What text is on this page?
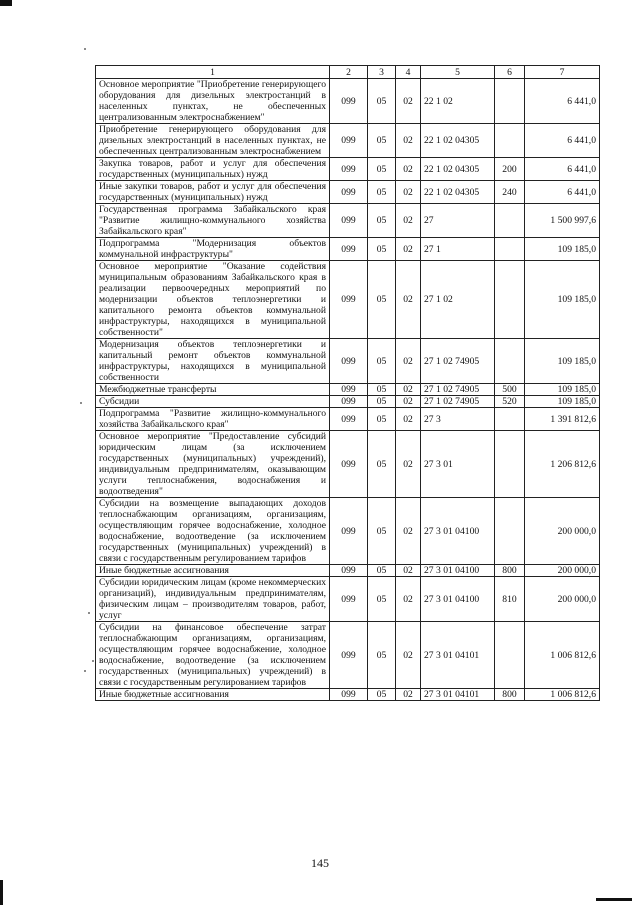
1	2	3	4	5	6	7
Основное мероприятие "Приобретение генерирующего оборудования для дизельных электростанций в населенных пунктах, не обеспеченных централизованным электроснабжением"	099	05	02	22 1 02		6 441,0
Приобретение генерирующего оборудования для дизельных электростанций в населенных пунктах, не обеспеченных централизованным электроснабжением	099	05	02	22 1 02 04305		6 441,0
Закупка товаров, работ и услуг для обеспечения государственных (муниципальных) нужд	099	05	02	22 1 02 04305	200	6 441,0
Иные закупки товаров, работ и услуг для обеспечения государственных (муниципальных) нужд	099	05	02	22 1 02 04305	240	6 441,0
Государственная программа Забайкальского края "Развитие жилищно-коммунального хозяйства Забайкальского края"	099	05	02	27		1 500 997,6
Подпрограмма "Модернизация объектов коммунальной инфраструктуры"	099	05	02	27 1		109 185,0
Основное мероприятие "Оказание содействия муниципальным образованиям Забайкальского края в реализации первоочередных мероприятий по модернизации объектов теплоэнергетики и капитального ремонта объектов коммунальной инфраструктуры, находящихся в муниципальной собственности"	099	05	02	27 1 02		109 185,0
Модернизация объектов теплоэнергетики и капитальный ремонт объектов коммунальной инфраструктуры, находящихся в муниципальной собственности	099	05	02	27 1 02 74905		109 185,0
Межбюджетные трансферты	099	05	02	27 1 02 74905	500	109 185,0
Субсидии	099	05	02	27 1 02 74905	520	109 185,0
Подпрограмма "Развитие жилищно-коммунального хозяйства Забайкальского края"	099	05	02	27 3		1 391 812,6
Основное мероприятие "Предоставление субсидий юридическим лицам (за исключением государственных (муниципальных) учреждений), индивидуальным предпринимателям, оказывающим услуги теплоснабжения, водоснабжения и водоотведения"	099	05	02	27 3 01		1 206 812,6
Субсидии на возмещение выпадающих доходов теплоснабжающим организациям, организациям, осуществляющим горячее водоснабжение, холодное водоснабжение, водоотведение (за исключением государственных (муниципальных) учреждений) в связи с государственным регулированием тарифов	099	05	02	27 3 01 04100		200 000,0
Иные бюджетные ассигнования	099	05	02	27 3 01 04100	800	200 000,0
Субсидии юридическим лицам (кроме некоммерческих организаций), индивидуальным предпринимателям, физическим лицам – производителям товаров, работ, услуг	099	05	02	27 3 01 04100	810	200 000,0
Субсидии на финансовое обеспечение затрат теплоснабжающим организациям, организациям, осуществляющим горячее водоснабжение, холодное водоснабжение, водоотведение (за исключением государственных (муниципальных) учреждений) в связи с государственным регулированием тарифов	099	05	02	27 3 01 04101		1 006 812,6
Иные бюджетные ассигнования	099	05	02	27 3 01 04101	800	1 006 812,6
145
